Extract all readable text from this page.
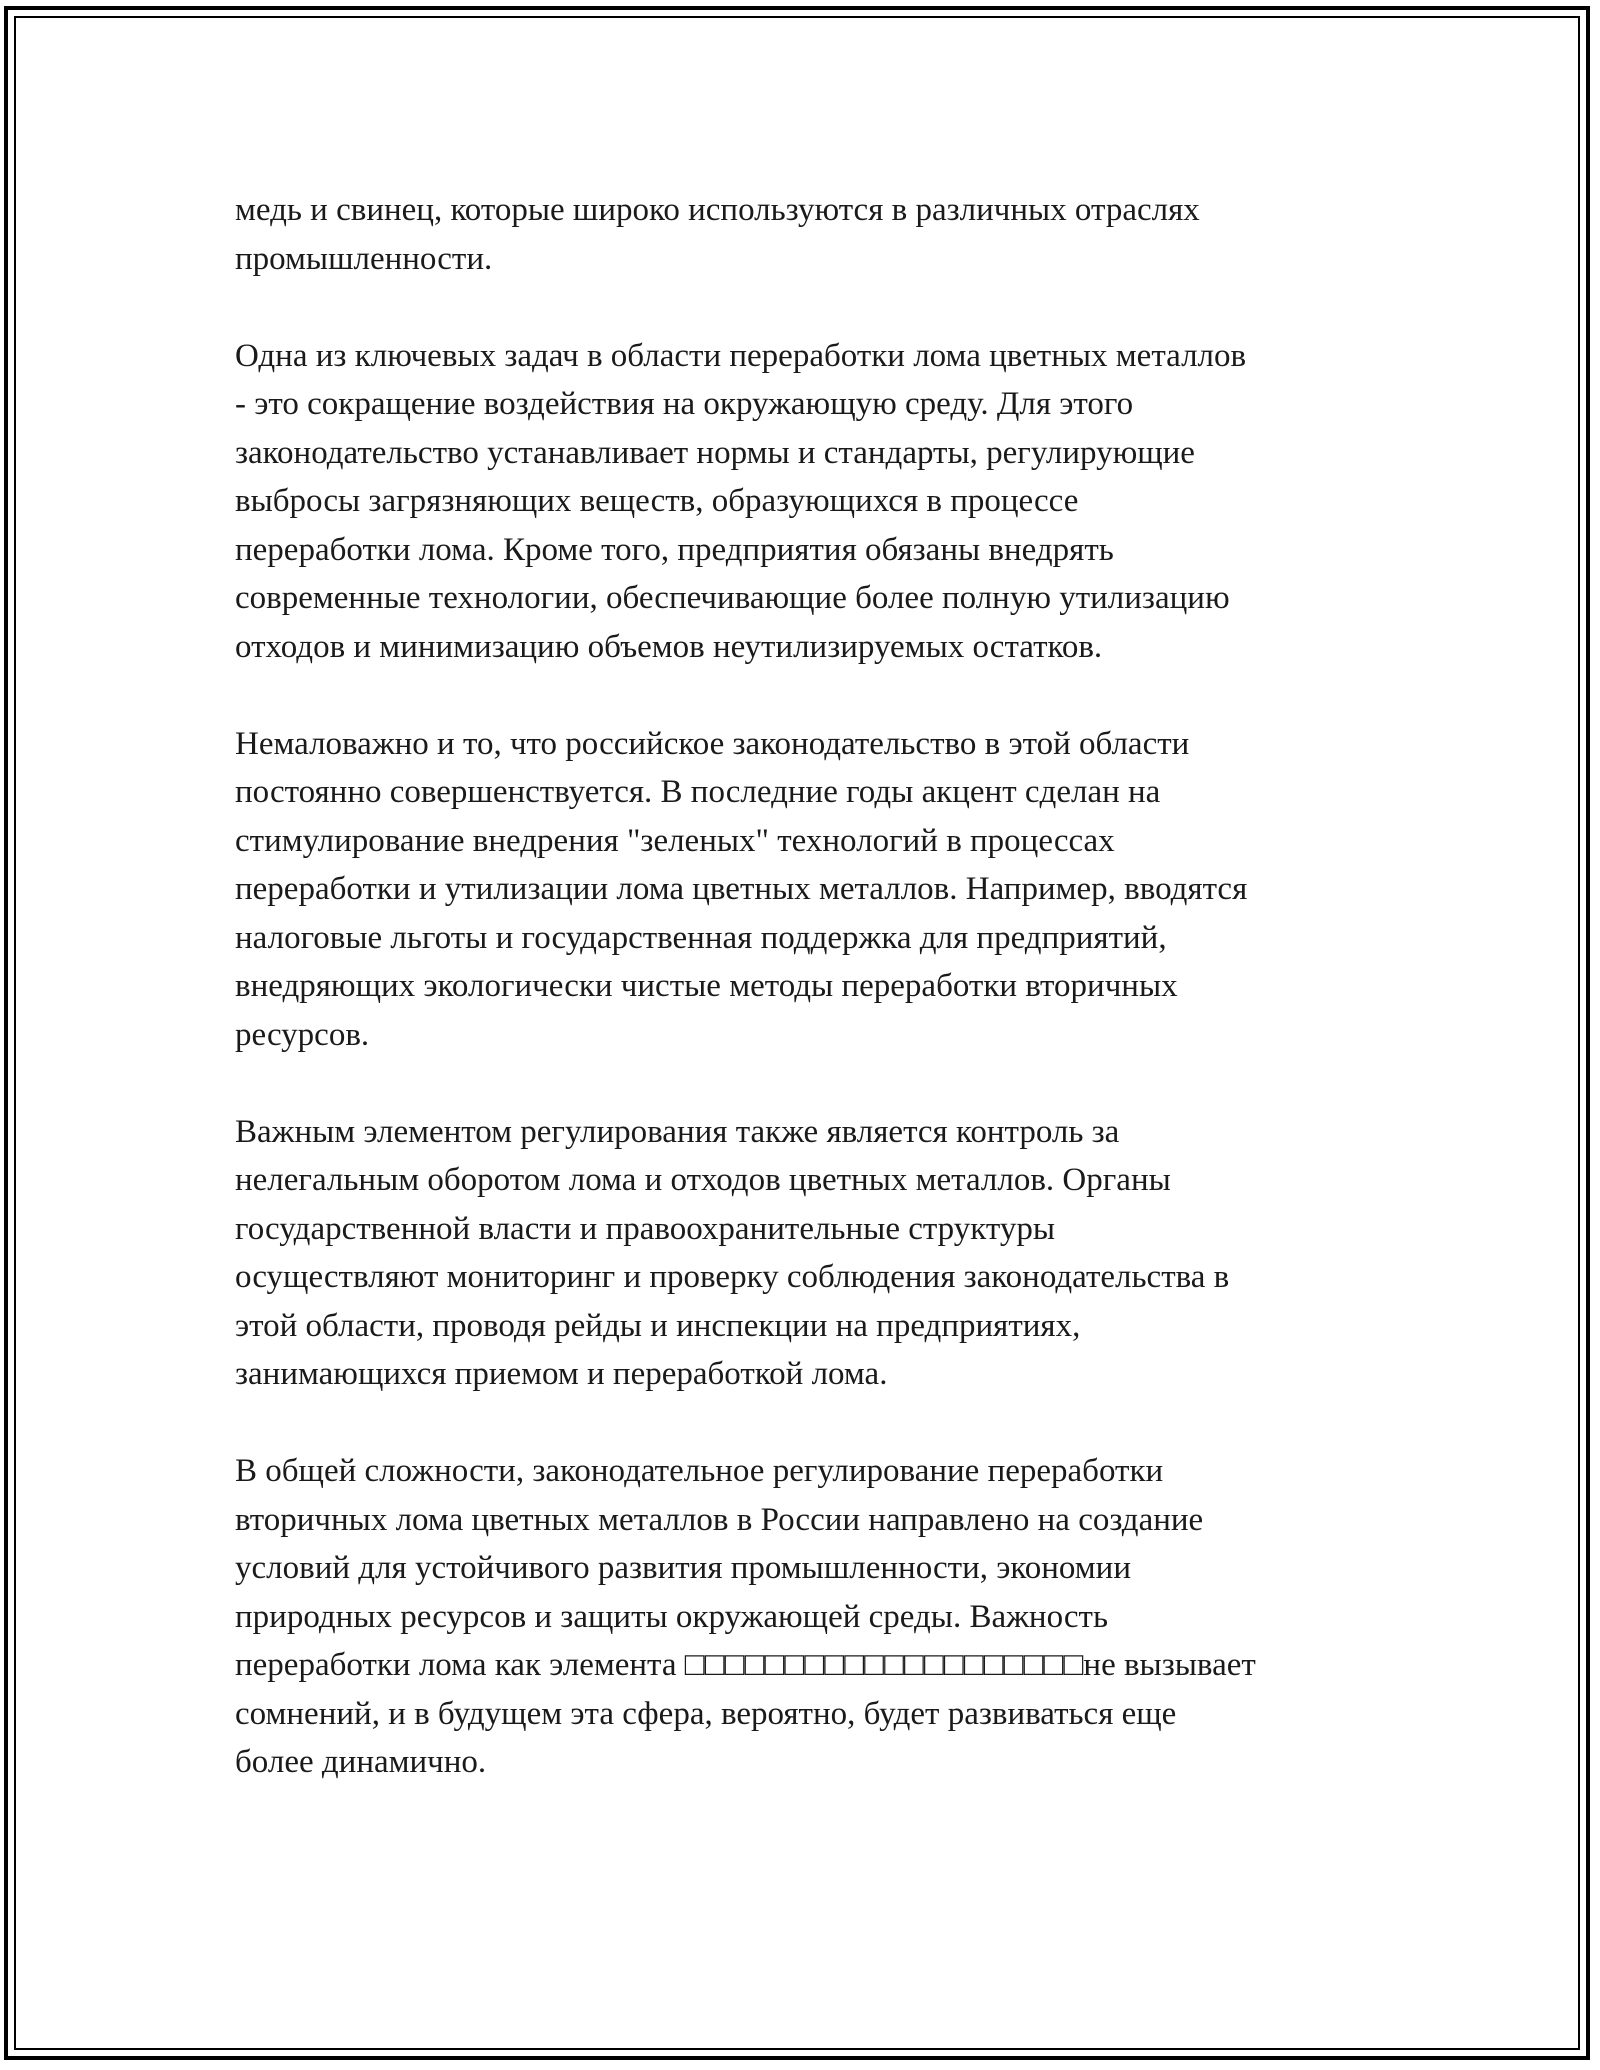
медь и свинец, которые широко используются в различных отраслях
промышленности.

Одна из ключевых задач в области переработки лома цветных металлов
- это сокращение воздействия на окружающую среду. Для этого
законодательство устанавливает нормы и стандарты, регулирующие
выбросы загрязняющих веществ, образующихся в процессе
переработки лома. Кроме того, предприятия обязаны внедрять
современные технологии, обеспечивающие более полную утилизацию
отходов и минимизацию объемов неутилизируемых остатков.

Немаловажно и то, что российское законодательство в этой области
постоянно совершенствуется. В последние годы акцент сделан на
стимулирование внедрения "зеленых" технологий в процессах
переработки и утилизации лома цветных металлов. Например, вводятся
налоговые льготы и государственная поддержка для предприятий,
внедряющих экологически чистые методы переработки вторичных
ресурсов.

Важным элементом регулирования также является контроль за
нелегальным оборотом лома и отходов цветных металлов. Органы
государственной власти и правоохранительные структуры
осуществляют мониторинг и проверку соблюдения законодательства в
этой области, проводя рейды и инспекции на предприятиях,
занимающихся приемом и переработкой лома.

В общей сложности, законодательное регулирование переработки
вторичных лома цветных металлов в России направлено на создание
условий для устойчивого развития промышленности, экономии
природных ресурсов и защиты окружающей среды. Важность
переработки лома как элемента □□□□□□□□□□□□□□□□□□□□не вызывает
сомнений, и в будущем эта сфера, вероятно, будет развиваться еще
более динамично.
